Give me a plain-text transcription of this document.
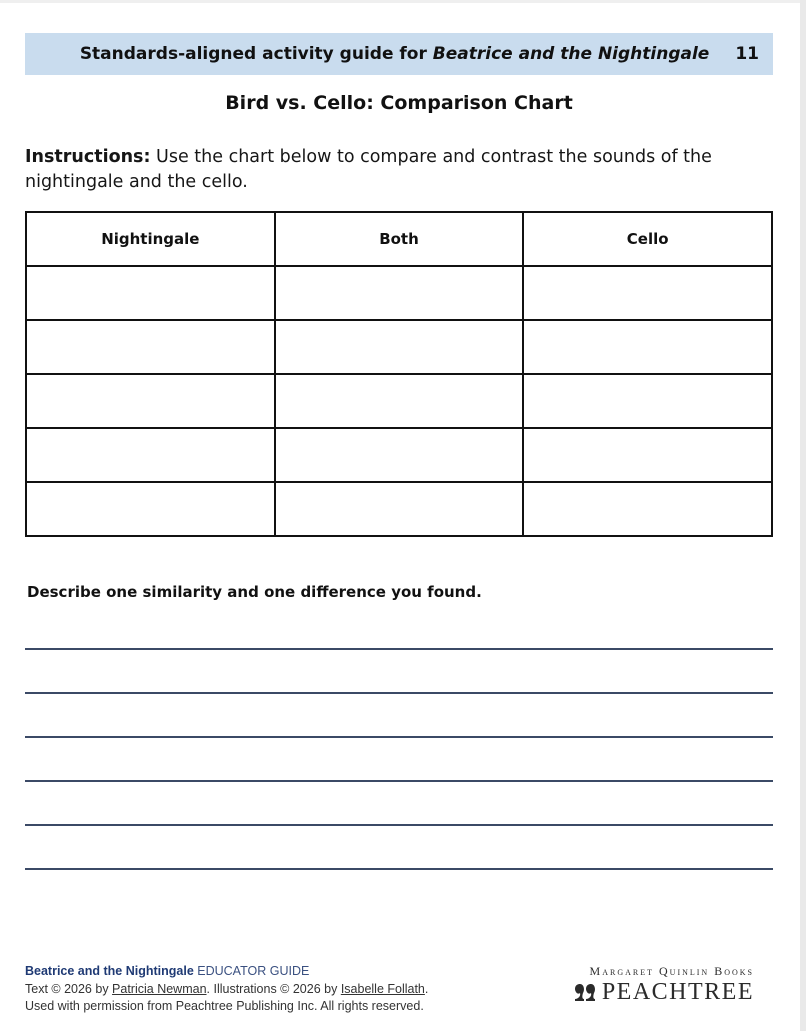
Standards-aligned activity guide for Beatrice and the Nightingale 11
Bird vs. Cello: Comparison Chart
Instructions: Use the chart below to compare and contrast the sounds of the nightingale and the cello.
Nightingale	Both	Cello

Describe one similarity and one difference you found.
Beatrice and the Nightingale EDUCATOR GUIDE
Text © 2026 by Patricia Newman. Illustrations © 2026 by Isabelle Follath.
Used with permission from Peachtree Publishing Inc. All rights reserved.
Margaret Quinlin Books
PEACHTREE
